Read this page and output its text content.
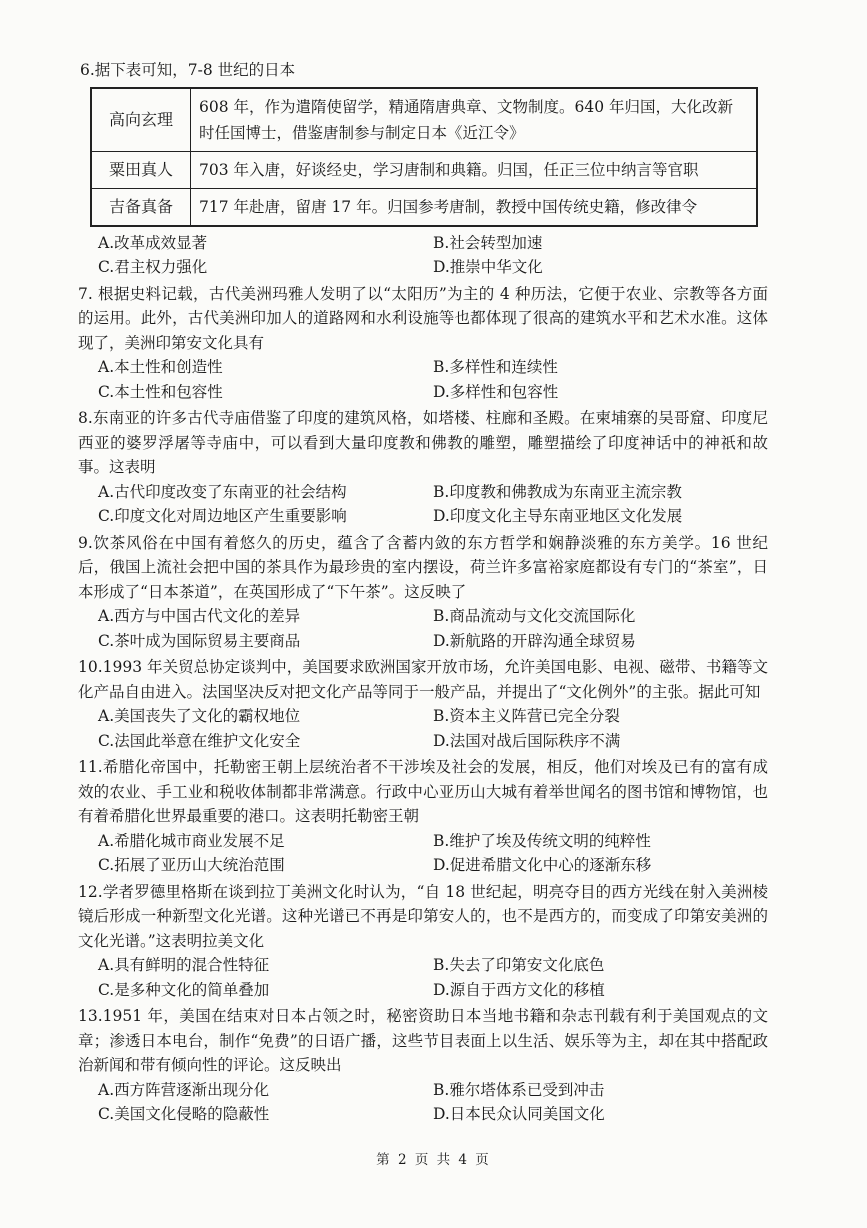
6.据下表可知，7-8 世纪的日本
高向玄理	608 年，作为遣隋使留学，精通隋唐典章、文物制度。640 年归国，大化改新时任国博士，借鉴唐制参与制定日本《近江令》
粟田真人	703 年入唐，好谈经史，学习唐制和典籍。归国，任正三位中纳言等官职
吉备真备	717 年赴唐，留唐 17 年。归国参考唐制，教授中国传统史籍，修改律令
A.改革成效显著	B.社会转型加速
C.君主权力强化	D.推崇中华文化
7. 根据史料记载，古代美洲玛雅人发明了以“太阳历”为主的 4 种历法，它便于农业、宗教等各方面的运用。此外，古代美洲印加人的道路网和水利设施等也都体现了很高的建筑水平和艺术水准。这体现了，美洲印第安文化具有
A.本土性和创造性	B.多样性和连续性
C.本土性和包容性	D.多样性和包容性
8.东南亚的许多古代寺庙借鉴了印度的建筑风格，如塔楼、柱廊和圣殿。在柬埔寨的吴哥窟、印度尼西亚的婆罗浮屠等寺庙中，可以看到大量印度教和佛教的雕塑，雕塑描绘了印度神话中的神祇和故事。这表明
A.古代印度改变了东南亚的社会结构	B.印度教和佛教成为东南亚主流宗教
C.印度文化对周边地区产生重要影响	D.印度文化主导东南亚地区文化发展
9.饮茶风俗在中国有着悠久的历史，蕴含了含蓄内敛的东方哲学和娴静淡雅的东方美学。16 世纪后，俄国上流社会把中国的茶具作为最珍贵的室内摆设，荷兰许多富裕家庭都设有专门的“茶室”，日本形成了“日本茶道”，在英国形成了“下午茶”。这反映了
A.西方与中国古代文化的差异	B.商品流动与文化交流国际化
C.茶叶成为国际贸易主要商品	D.新航路的开辟沟通全球贸易
10.1993 年关贸总协定谈判中，美国要求欧洲国家开放市场，允许美国电影、电视、磁带、书籍等文化产品自由进入。法国坚决反对把文化产品等同于一般产品，并提出了“文化例外”的主张。据此可知
A.美国丧失了文化的霸权地位	B.资本主义阵营已完全分裂
C.法国此举意在维护文化安全	D.法国对战后国际秩序不满
11.希腊化帝国中，托勒密王朝上层统治者不干涉埃及社会的发展，相反，他们对埃及已有的富有成效的农业、手工业和税收体制都非常满意。行政中心亚历山大城有着举世闻名的图书馆和博物馆，也有着希腊化世界最重要的港口。这表明托勒密王朝
A.希腊化城市商业发展不足	B.维护了埃及传统文明的纯粹性
C.拓展了亚历山大统治范围	D.促进希腊文化中心的逐渐东移
12.学者罗德里格斯在谈到拉丁美洲文化时认为，“自 18 世纪起，明亮夺目的西方光线在射入美洲棱镜后形成一种新型文化光谱。这种光谱已不再是印第安人的，也不是西方的，而变成了印第安美洲的文化光谱。”这表明拉美文化
A.具有鲜明的混合性特征	B.失去了印第安文化底色
C.是多种文化的简单叠加	D.源自于西方文化的移植
13.1951 年，美国在结束对日本占领之时，秘密资助日本当地书籍和杂志刊载有利于美国观点的文章；渗透日本电台，制作“免费”的日语广播，这些节目表面上以生活、娱乐等为主，却在其中搭配政治新闻和带有倾向性的评论。这反映出
A.西方阵营逐渐出现分化	B.雅尔塔体系已受到冲击
C.美国文化侵略的隐蔽性	D.日本民众认同美国文化
第 2 页 共 4 页
